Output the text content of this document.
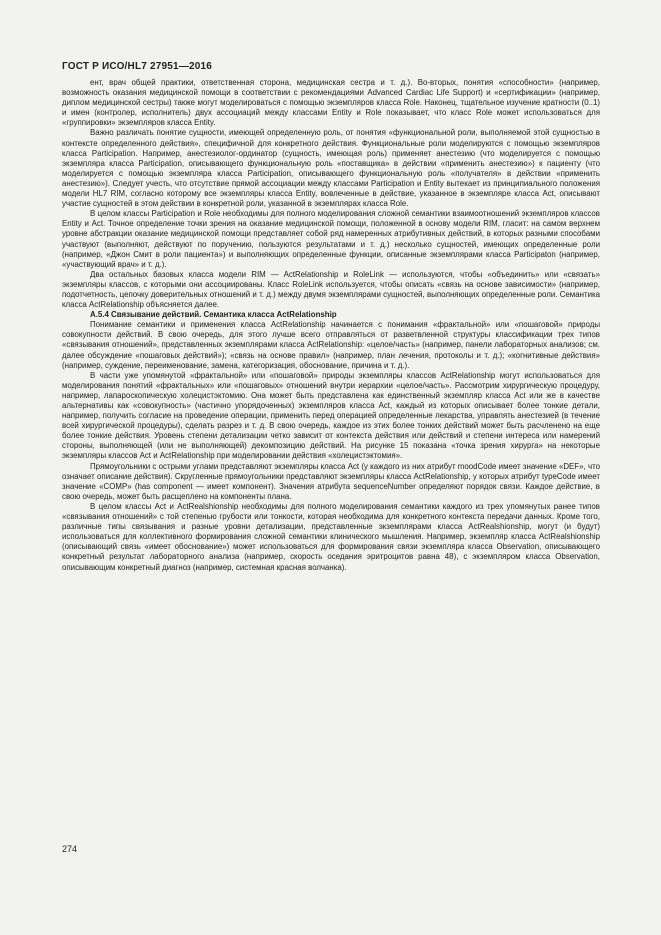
ГОСТ Р ИСО/HL7 27951—2016

ент, врач общей практики, ответственная сторона, медицинская сестра и т. д.). Во-вторых, понятия «способности» (например, возможность оказания медицинской помощи в соответствии с рекомендациями Advanced Cardiac Life Support) и «сертификации» (например, диплом медицинской сестры) также могут моделироваться с помощью экземпляров класса Role. Наконец, тщательное изучение кратности (0..1) и имен (контролер, исполнитель) двух ассоциаций между классами Entity и Role показывает, что класс Role может использоваться для «группировки» экземпляров класса Entity.

Важно различать понятие сущности, имеющей определенную роль, от понятия «функциональной роли, выполняемой этой сущностью в контексте определенного действия», специфичной для конкретного действия. Функциональные роли моделируются с помощью экземпляров класса Participation. Например, анестезиолог-ординатор (сущность, имеющая роль) применяет анестезию (что моделируется с помощью экземпляра класса Participation, описывающего функциональную роль «поставщика» в действии «применить анестезию») к пациенту (что моделируется с помощью экземпляра класса Participation, описывающего функциональную роль «получателя» в действии «применить анестезию»). Следует учесть, что отсутствие прямой ассоциации между классами Participation и Entity вытекает из принципиального положения модели HL7 RIM, согласно которому все экземпляры класса Entity, вовлеченные в действие, указанное в экземпляре класса Act, описывают участие сущностей в этом действии в конкретной роли, указанной в экземплярах класса Role.

В целом классы Participation и Role необходимы для полного моделирования сложной семантики взаимоотношений экземпляров классов Entity и Act. Точное определение точки зрения на оказание медицинской помощи, положенной в основу модели RIM, гласит: на самом верхнем уровне абстракции оказание медицинской помощи представляет собой ряд намеренных атрибутивных действий, в которых разными способами участвуют (выполняют, действуют по поручению, пользуются результатами и т. д.) несколько сущностей, имеющих определенные роли (например, «Джон Смит в роли пациента») и выполняющих определенные функции, описанные экземплярами класса Participaton (например, «участвующий врач» и т. д.).

Два остальных базовых класса модели RIM — ActRelationship и RoleLink — используются, чтобы «объединить» или «связать» экземпляры классов, с которыми они ассоциированы. Класс RoleLink используется, чтобы описать «связь на основе зависимости» (например, подотчетность, цепочку доверительных отношений и т. д.) между двумя экземплярами сущностей, выполняющих определенные роли. Семантика класса ActRelationship объясняется далее.

А.5.4 Связывание действий. Семантика класса ActRelationship

Понимание семантики и применения класса ActRelationship начинается с понимания «фрактальной» или «пошаговой» природы совокупности действий. В свою очередь, для этого лучше всего отправляться от разветвленной структуры классификации трех типов «связывания отношений», представленных экземплярами класса ActRelationship: «целое/часть» (например, панели лабораторных анализов; см. далее обсуждение «пошаговых действий»); «связь на основе правил» (например, план лечения, протоколы и т. д.); «когнитивные действия» (например, суждение, переименование, замена, категоризация, обоснование, причина и т. д.).

В части уже упомянутой «фрактальной» или «пошаговой» природы экземпляры классов ActRelationship могут использоваться для моделирования понятий «фрактальных» или «пошаговых» отношений внутри иерархии «целое/часть». Рассмотрим хирургическую процедуру, например, лапароскопическую холецистэктомию. Она может быть представлена как единственный экземпляр класса Act или же в качестве альтернативы как «совокупность» (частично упорядоченных) экземпляров класса Act, каждый из которых описывает более тонкие детали, например, получить согласие на проведение операции, применить перед операцией определенные лекарства, управлять анестезией (в течение всей хирургической процедуры), сделать разрез и т. д. В свою очередь, каждое из этих более тонких действий может быть расчленено на еще более тонкие действия. Уровень степени детализации четко зависит от контекста действия или действий и степени интереса или намерений стороны, выполняющей (или не выполняющей) декомпозицию действий. На рисунке 15 показана «точка зрения хирурга» на некоторые экземпляры классов Act и ActRelationship при моделировании действия «холецистэктомия».

Прямоугольники с острыми углами представляют экземпляры класса Act (у каждого из них атрибут moodCode имеет значение «DEF», что означает описание действия). Скругленные прямоугольники представляют экземпляры класса ActRelationship, у которых атрибут typeCode имеет значение «COMP» (has component — имеет компонент). Значения атрибута sequenceNumber определяют порядок связи. Каждое действие, в свою очередь, может быть расщеплено на компоненты плана.

В целом классы Act и ActRealshionship необходимы для полного моделирования семантики каждого из трех упомянутых ранее типов «связывания отношений» с той степенью грубости или тонкости, которая необходима для конкретного контекста передачи данных. Кроме того, различные типы связывания и разные уровни детализации, представленные экземплярами класса ActRealshionship, могут (и будут) использоваться для коллективного формирования сложной семантики клинического мышления. Например, экземпляр класса ActRealshionship (описывающий связь «имеет обоснование») может использоваться для формирования связи экземпляра класса Observation, описывающего конкретный результат лабораторного анализа (например, скорость оседания эритроцитов равна 48), с экземпляром класса Observation, описывающим конкретный диагноз (например, системная красная волчанка).

274
